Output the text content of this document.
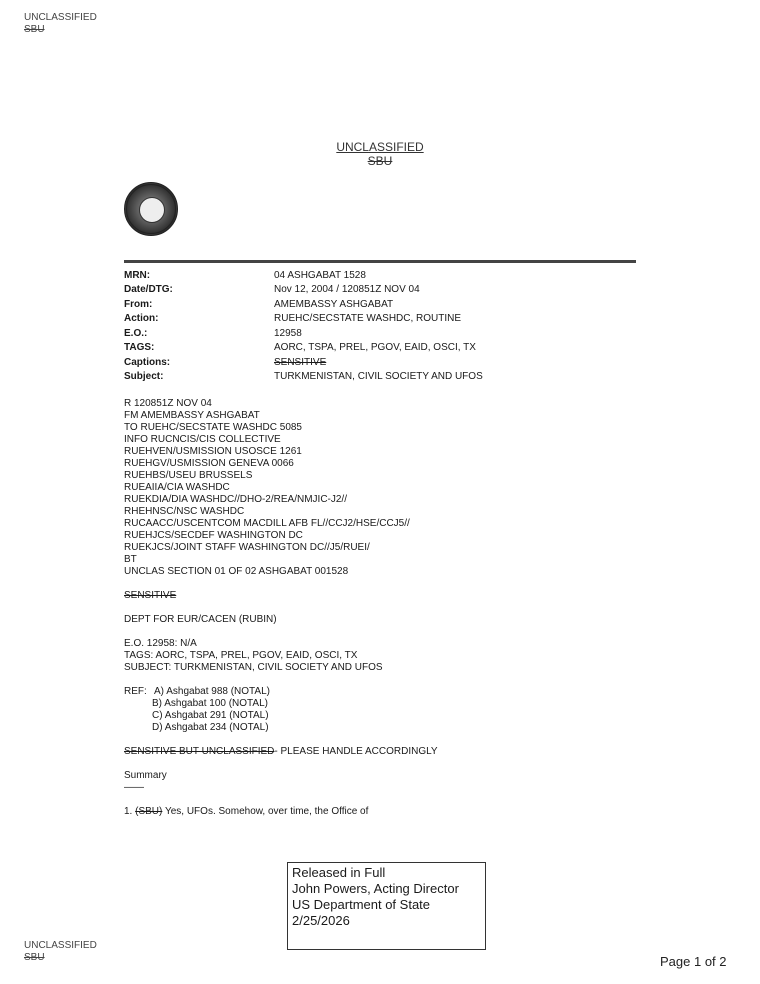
UNCLASSIFIED
SBU
UNCLASSIFIED
SBU
MRN:	04 ASHGABAT 1528
Date/DTG:	Nov 12, 2004 / 120851Z NOV 04
From:	AMEMBASSY ASHGABAT
Action:	RUEHC/SECSTATE WASHDC, ROUTINE
E.O.:	12958
TAGS:	AORC, TSPA, PREL, PGOV, EAID, OSCI, TX
Captions:	SENSITIVE
Subject:	TURKMENISTAN, CIVIL SOCIETY AND UFOS
R 120851Z NOV 04
FM AMEMBASSY ASHGABAT
TO RUEHC/SECSTATE WASHDC 5085
INFO RUCNCIS/CIS COLLECTIVE
RUEHVEN/USMISSION USOSCE 1261
RUEHGV/USMISSION GENEVA 0066
RUEHBS/USEU BRUSSELS
RUEAIIA/CIA WASHDC
RUEKDIA/DIA WASHDC//DHO-2/REA/NMJIC-J2//
RHEHNSC/NSC WASHDC
RUCAACC/USCENTCOM MACDILL AFB FL//CCJ2/HSE/CCJ5//
RUEHJCS/SECDEF WASHINGTON DC
RUEKJCS/JOINT STAFF WASHINGTON DC//J5/RUEI/
BT
UNCLAS SECTION 01 OF 02 ASHGABAT 001528
SENSITIVE
DEPT FOR EUR/CACEN (RUBIN)
E.O. 12958: N/A
TAGS: AORC, TSPA, PREL, PGOV, EAID, OSCI, TX
SUBJECT: TURKMENISTAN, CIVIL SOCIETY AND UFOS
REF: A) Ashgabat 988 (NOTAL)
B) Ashgabat 100 (NOTAL)
C) Ashgabat 291 (NOTAL)
D) Ashgabat 234 (NOTAL)
SENSITIVE BUT UNCLASSIFIED- PLEASE HANDLE ACCORDINGLY
Summary
——
1. (SBU) Yes, UFOs. Somehow, over time, the Office of
Released in Full
John Powers, Acting Director
US Department of State
2/25/2026
UNCLASSIFIED
SBU	Page 1 of 2
